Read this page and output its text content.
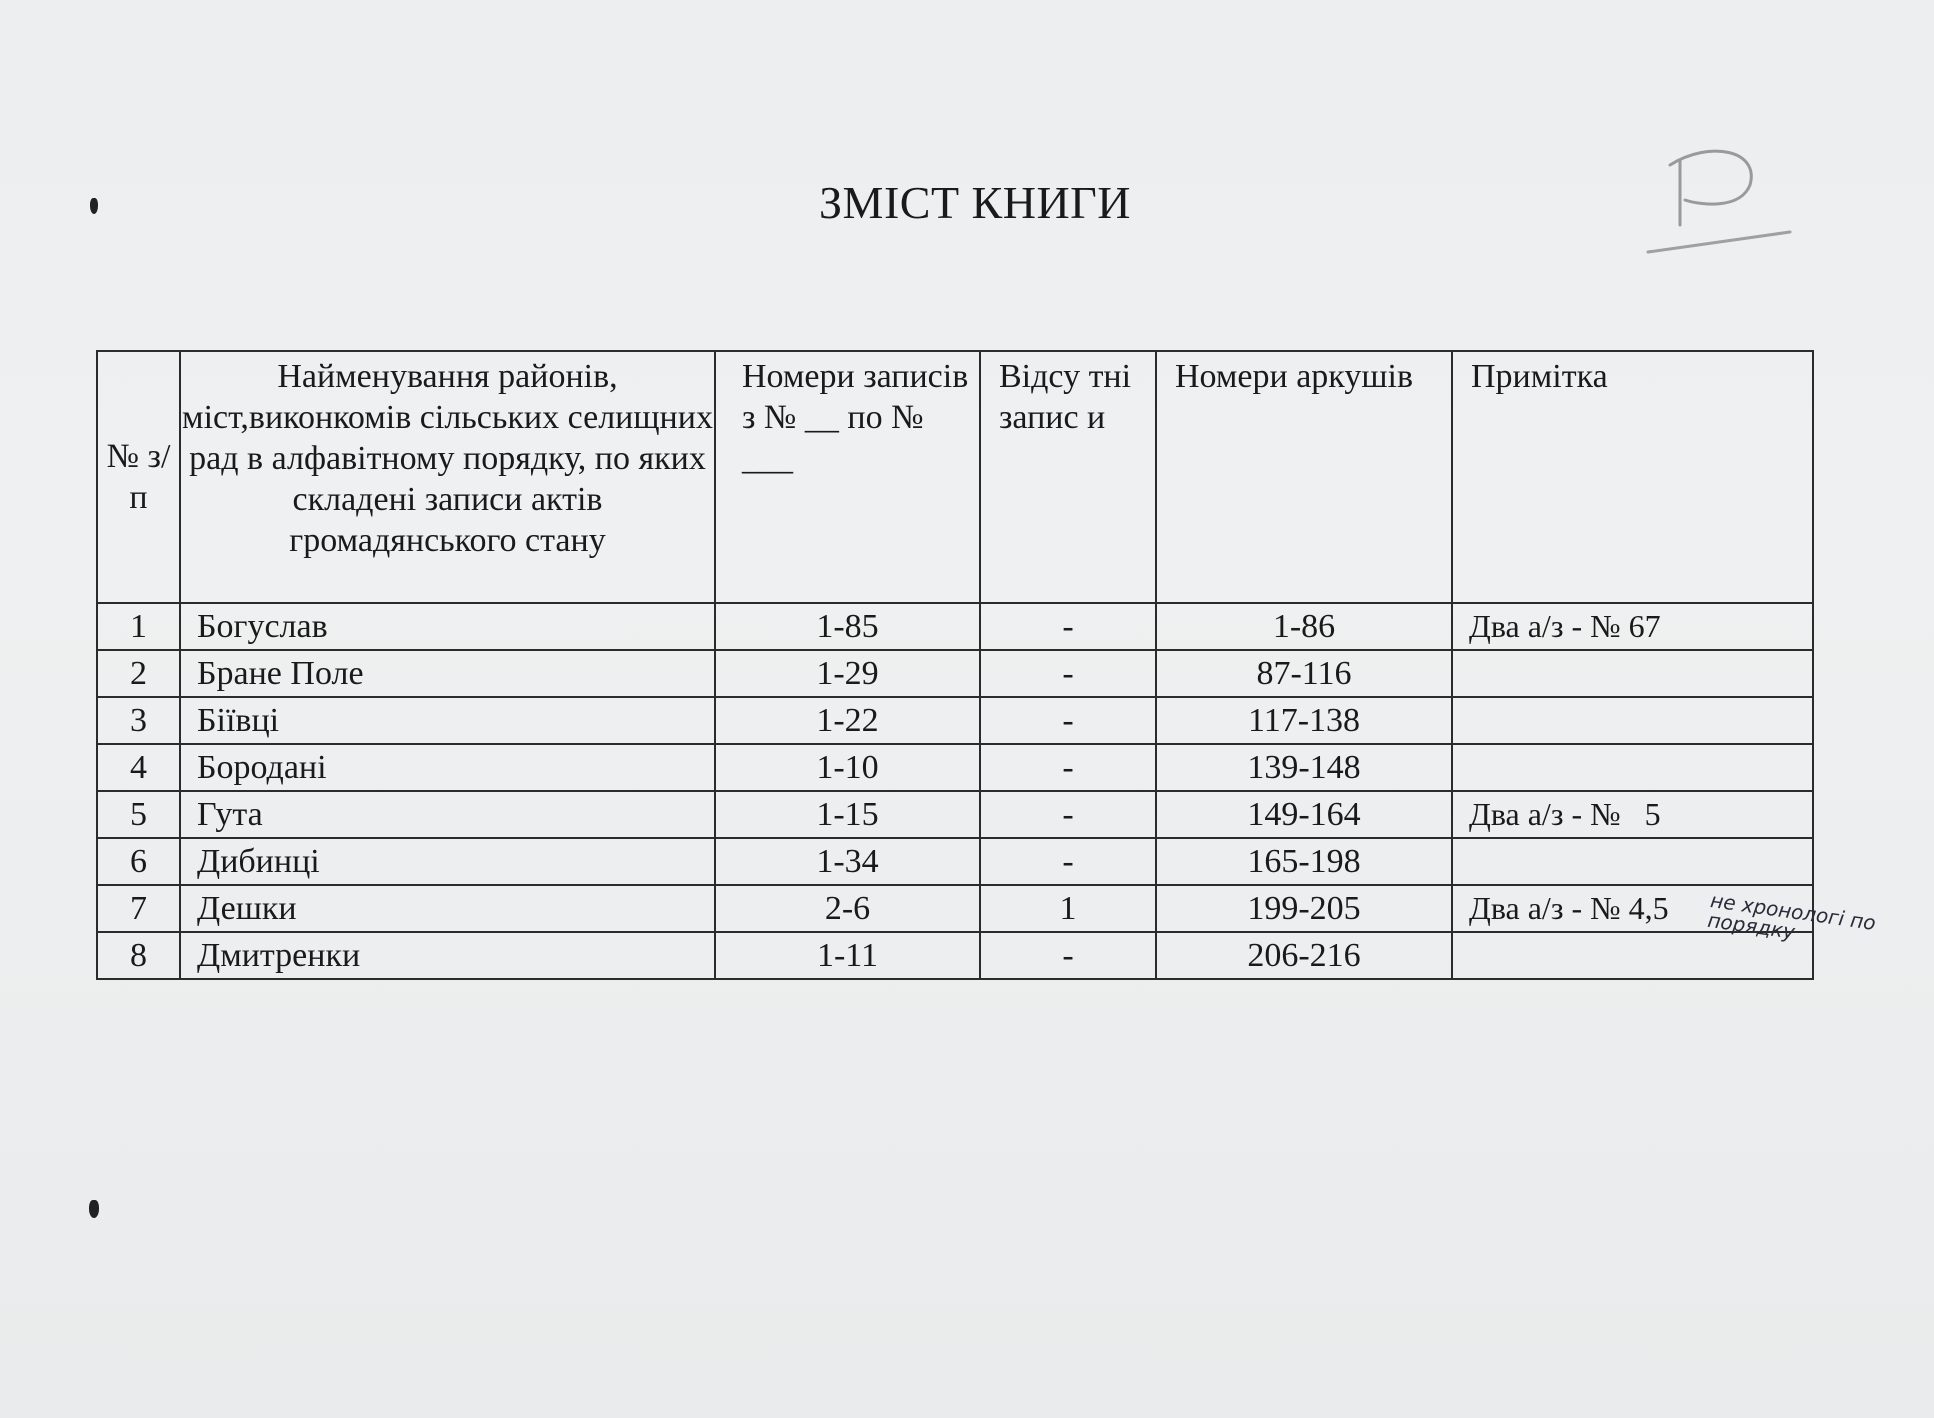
ЗМІСТ КНИГИ
№ з/п	Найменування районів, міст,виконкомів сільських селищних рад в алфавітному порядку, по яких складені записи актів громадянського стану	Номери записів з № __ по № ___	Відсу тні запис и	Номери аркушів	Примітка
1	Богуслав	1-85	-	1-86	Два а/з - № 67
2	Бране Поле	1-29	-	87-116	
3	Біївці	1-22	-	117-138	
4	Бородані	1-10	-	139-148	
5	Гута	1-15	-	149-164	Два а/з - №   5
6	Дибинці	1-34	-	165-198	
7	Дешки	2-6	1	199-205	Два а/з - № 4,5
8	Дмитренки	1-11	-	206-216	
не хронологі по порядку
